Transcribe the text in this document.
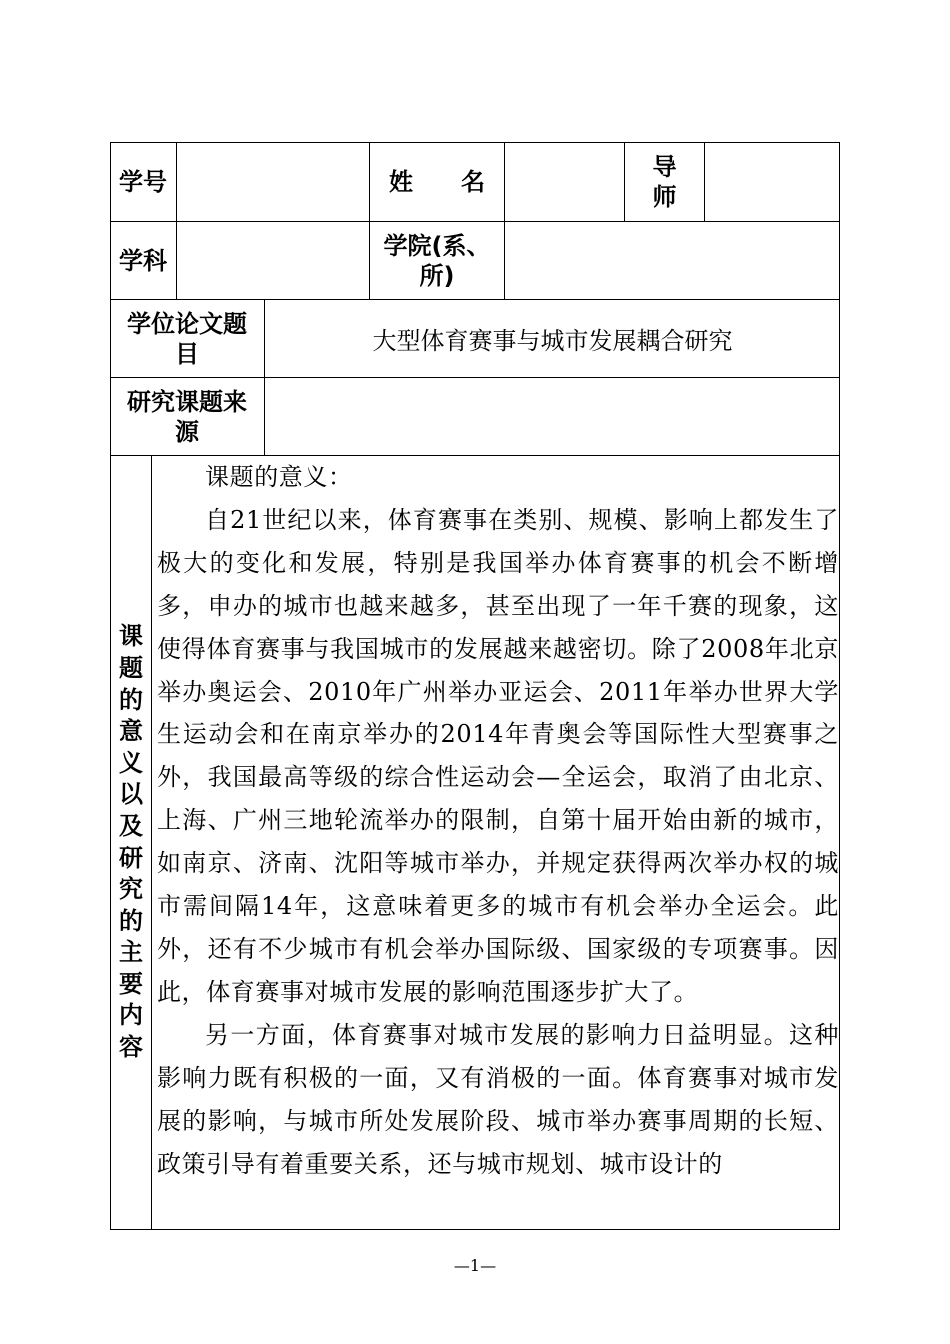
学号	姓　　名
导师
学科
学院(系、所)
学位论文题目	大型体育赛事与城市发展耦合研究
研究课题来源
课
题
的
意
义
以
及
研
究
的
主
要
内
容

课题的意义：

自21世纪以来，体育赛事在类别、规模、影响上都发生了极大的变化和发展，特别是我国举办体育赛事的机会不断增多，申办的城市也越来越多，甚至出现了一年千赛的现象，这使得体育赛事与我国城市的发展越来越密切。除了2008年北京举办奥运会、2010年广州举办亚运会、2011年举办世界大学生运动会和在南京举办的2014年青奥会等国际性大型赛事之外，我国最高等级的综合性运动会—全运会，取消了由北京、上海、广州三地轮流举办的限制，自第十届开始由新的城市，如南京、济南、沈阳等城市举办，并规定获得两次举办权的城市需间隔14年，这意味着更多的城市有机会举办全运会。此外，还有不少城市有机会举办国际级、国家级的专项赛事。因此，体育赛事对城市发展的影响范围逐步扩大了。

另一方面，体育赛事对城市发展的影响力日益明显。这种影响力既有积极的一面，又有消极的一面。体育赛事对城市发展的影响，与城市所处发展阶段、城市举办赛事周期的长短、政策引导有着重要关系，还与城市规划、城市设计的

—1—
